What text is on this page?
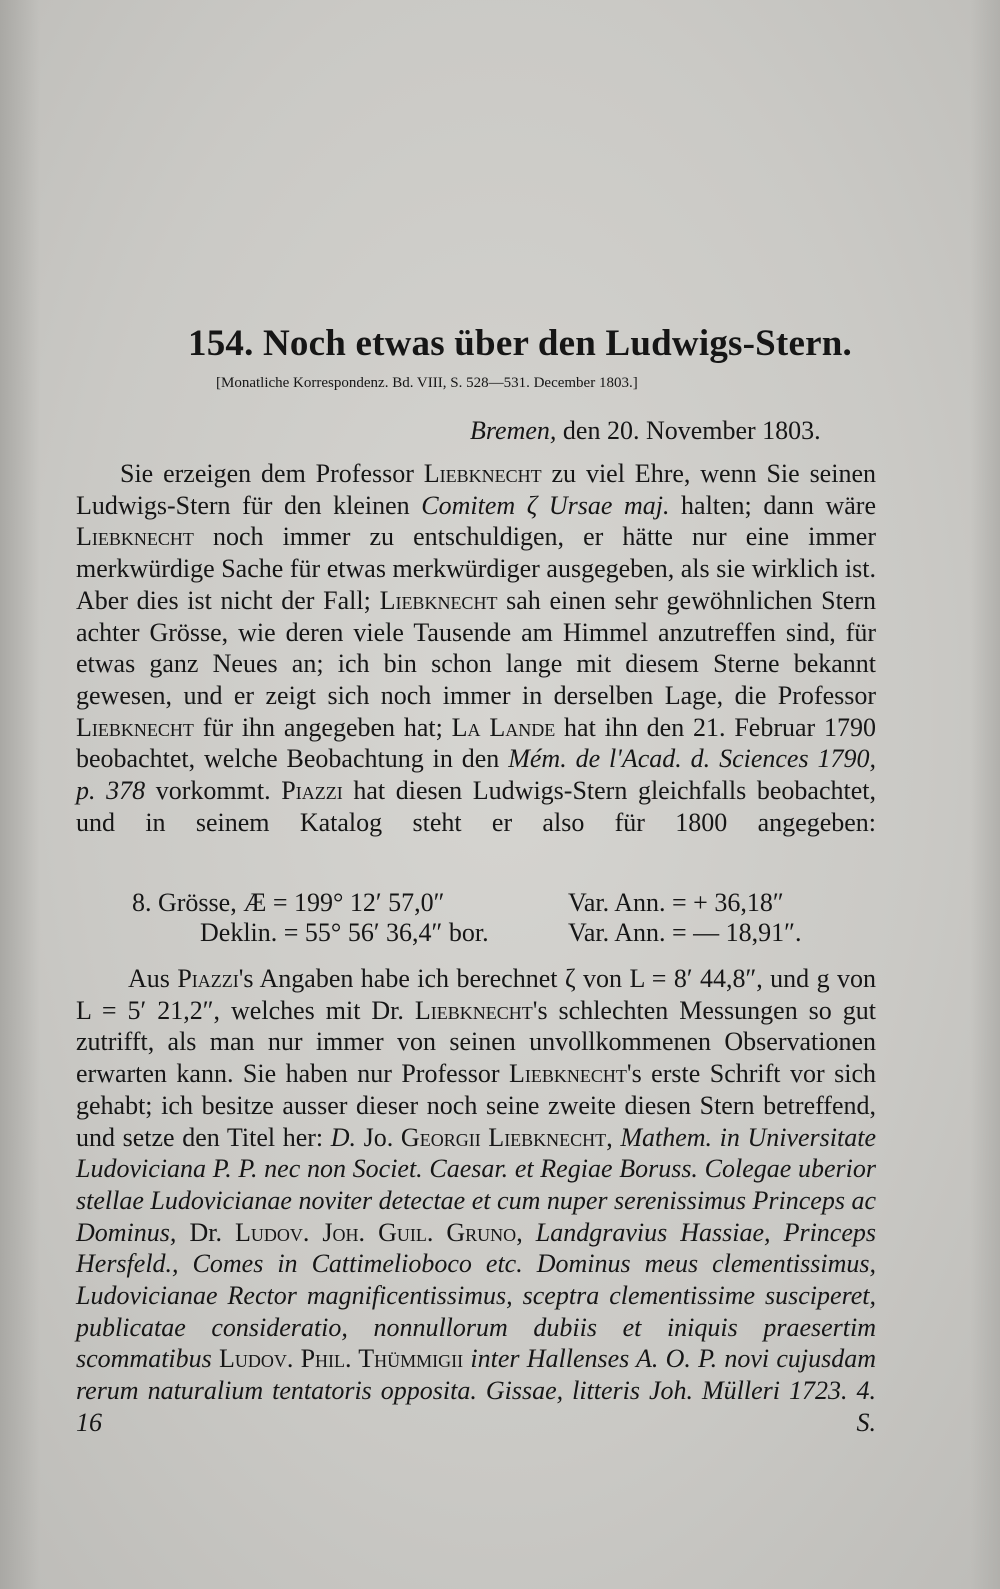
154. Noch etwas über den Ludwigs-Stern.
[Monatliche Korrespondenz. Bd. VIII, S. 528—531. December 1803.]
Bremen, den 20. November 1803.
Sie erzeigen dem Professor Liebknecht zu viel Ehre, wenn Sie seinen Ludwigs-Stern für den kleinen Comitem ζ Ursae maj. halten; dann wäre Liebknecht noch immer zu entschuldigen, er hätte nur eine immer merkwürdige Sache für etwas merkwürdiger ausgegeben, als sie wirklich ist. Aber dies ist nicht der Fall; Liebknecht sah einen sehr gewöhnlichen Stern achter Grösse, wie deren viele Tausende am Himmel anzutreffen sind, für etwas ganz Neues an; ich bin schon lange mit diesem Sterne bekannt gewesen, und er zeigt sich noch immer in derselben Lage, die Professor Liebknecht für ihn angegeben hat; La Lande hat ihn den 21. Februar 1790 beobachtet, welche Beobachtung in den Mém. de l'Acad. d. Sciences 1790, p. 378 vorkommt. Piazzi hat diesen Ludwigs-Stern gleichfalls beobachtet, und in seinem Katalog steht er also für 1800 angegeben:
8. Grösse, Æ = 199° 12′ 57,0″	Var. Ann. = + 36,18″
Deklin. = 55° 56′ 36,4″ bor.	Var. Ann. = — 18,91″.
Aus Piazzi's Angaben habe ich berechnet ζ von L = 8′ 44,8″, und g von L = 5′ 21,2″, welches mit Dr. Liebknecht's schlechten Messungen so gut zutrifft, als man nur immer von seinen unvollkommenen Observationen erwarten kann. Sie haben nur Professor Liebknecht's erste Schrift vor sich gehabt; ich besitze ausser dieser noch seine zweite diesen Stern betreffend, und setze den Titel her: D. Jo. Georgii Liebknecht, Mathem. in Universitate Ludoviciana P. P. nec non Societ. Caesar. et Regiae Boruss. Colegae uberior stellae Ludovicianae noviter detectae et cum nuper serenissimus Princeps ac Dominus, Dr. Ludov. Joh. Guil. Gruno, Landgravius Hassiae, Princeps Hersfeld., Comes in Cattimelioboco etc. Dominus meus clementissimus, Ludovicianae Rector magnificentissimus, sceptra clementissime susciperet, publicatae consideratio, nonnullorum dubiis et iniquis praesertim scommatibus Ludov. Phil. Thümmigii inter Hallenses A. O. P. novi cujusdam rerum naturalium tentatoris opposita. Gissae, litteris Joh. Mülleri 1723. 4. 16 S.
